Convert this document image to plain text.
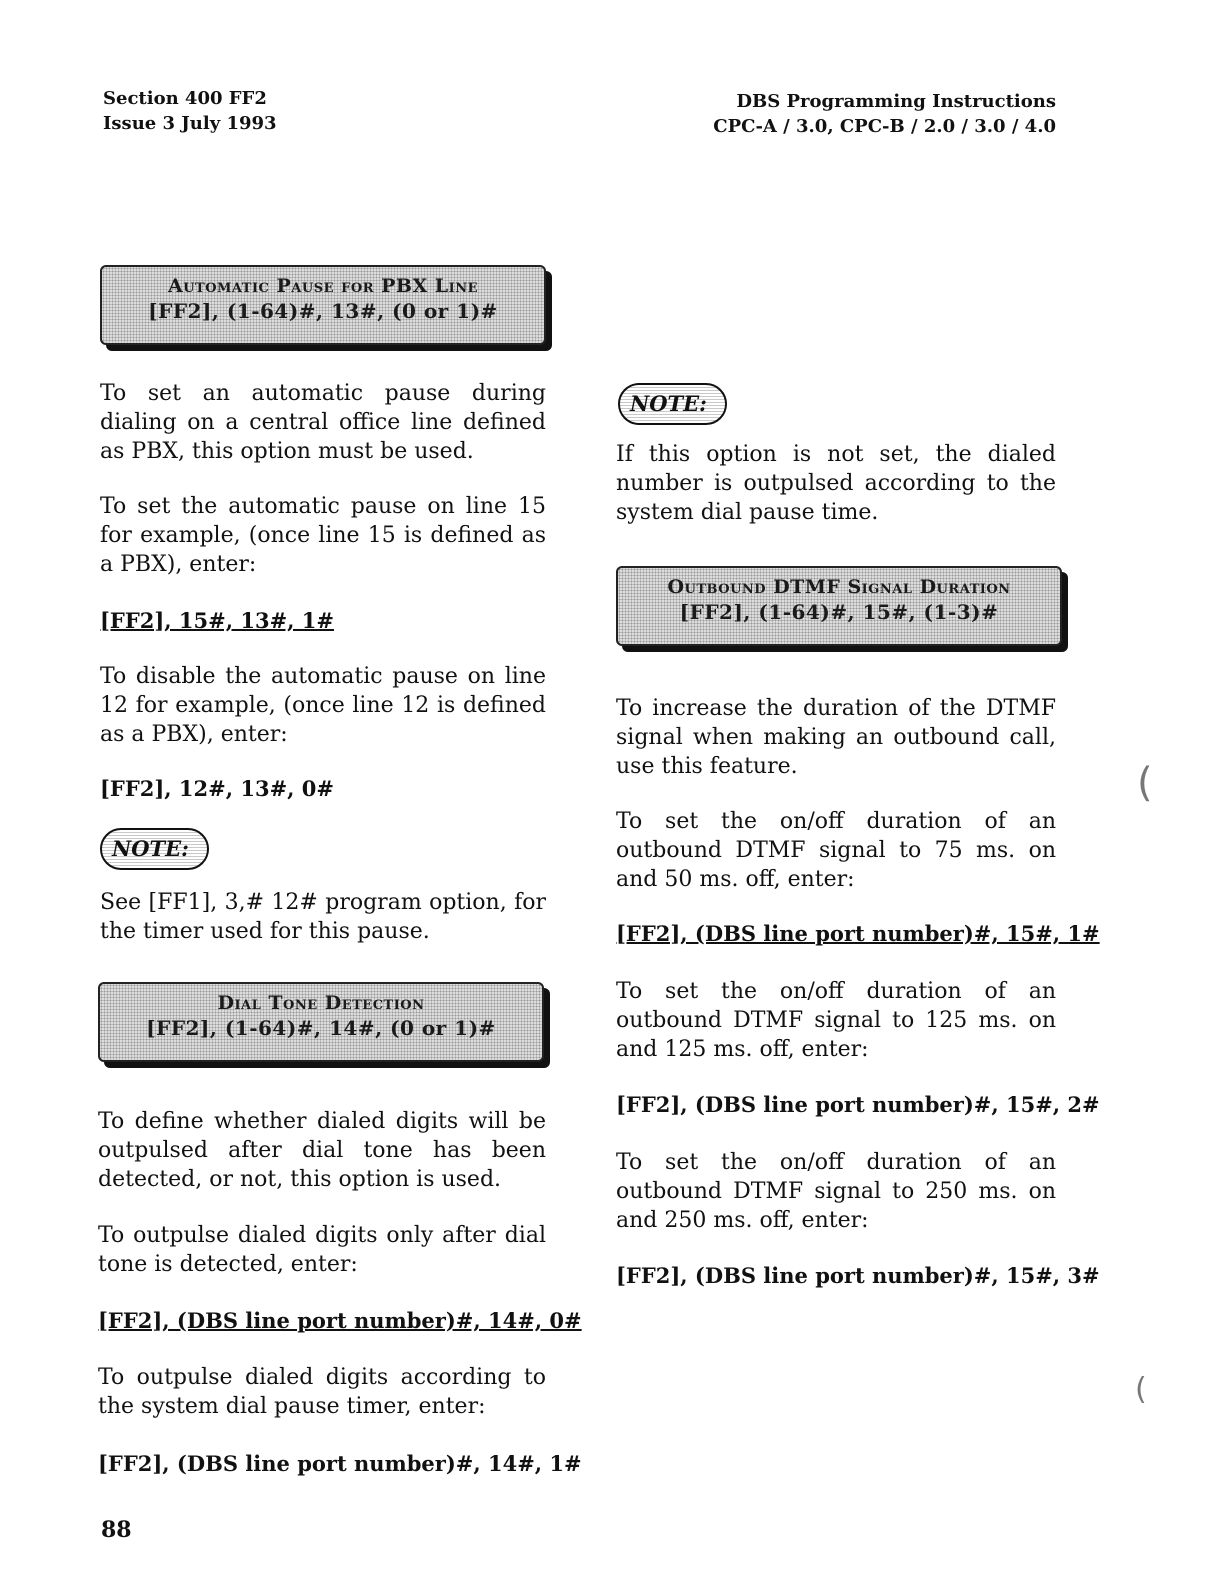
Section 400 FF2
Issue 3 July 1993
DBS Programming Instructions
CPC-A / 3.0, CPC-B / 2.0 / 3.0 / 4.0
Automatic Pause for PBX Line
[FF2], (1-64)#, 13#, (0 or 1)#
To set an automatic pause during dialing on a central office line defined as PBX, this option must be used.
To set the automatic pause on line 15 for example, (once line 15 is defined as a PBX), enter:
[FF2], 15#, 13#, 1#
To disable the automatic pause on line 12 for example, (once line 12 is defined as a PBX), enter:
[FF2], 12#, 13#, 0#
NOTE:
See [FF1], 3,# 12# program option, for the timer used for this pause.
Dial Tone Detection
[FF2], (1-64)#, 14#, (0 or 1)#
To define whether dialed digits will be outpulsed after dial tone has been detected, or not, this option is used.
To outpulse dialed digits only after dial tone is detected, enter:
[FF2], (DBS line port number)#, 14#, 0#
To outpulse dialed digits according to the system dial pause timer, enter:
[FF2], (DBS line port number)#, 14#, 1#
NOTE:
If this option is not set, the dialed number is outpulsed according to the system dial pause time.
Outbound DTMF Signal Duration
[FF2], (1-64)#, 15#, (1-3)#
To increase the duration of the DTMF signal when making an outbound call, use this feature.
To set the on/off duration of an outbound DTMF signal to 75 ms. on and 50 ms. off, enter:
[FF2], (DBS line port number)#, 15#, 1#
To set the on/off duration of an outbound DTMF signal to 125 ms. on and 125 ms. off, enter:
[FF2], (DBS line port number)#, 15#, 2#
To set the on/off duration of an outbound DTMF signal to 250 ms. on and 250 ms. off, enter:
[FF2], (DBS line port number)#, 15#, 3#
88
(
(
